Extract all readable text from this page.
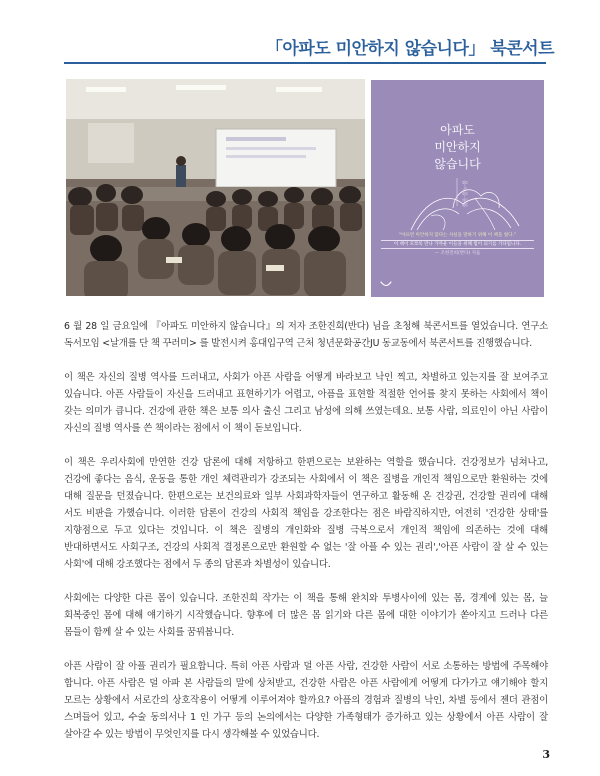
「아파도 미안하지 않습니다」 북콘서트
몸·아픔·돌봄
아파도
미안하지
않습니다
"아프면 미안하지 않다는 사실을 말하기 위해 이 책을 썼다."
이 책이 모쪼록 만나 가까운 이들을 위해 힘이 되기를 기다립니다.
— 조한진희(반다) 지음

6 월 28 일 금요일에 『아파도 미안하지 않습니다』의 저자 조한진희(반다) 님을 초청해 북콘서트를 열었습니다. 연구소 독서모임 <날개를 단 책 꾸러미> 를 발전시켜 홍대입구역 근처 청년문화공간JU 동교동에서 북콘서트를 진행했습니다.

이 책은 자신의 질병 역사를 드러내고, 사회가 아픈 사람을 어떻게 바라보고 낙인 찍고, 차별하고 있는지를 잘 보여주고 있습니다. 아픈 사람들이 자신을 드러내고 표현하기가 어렵고, 아픔을 표현할 적절한 언어를 찾지 못하는 사회에서 책이 갖는 의미가 큽니다. 건강에 관한 책은 보통 의사 출신 그리고 남성에 의해 쓰였는데요. 보통 사람, 의료인이 아닌 사람이 자신의 질병 역사를 쓴 책이라는 점에서 이 책이 돋보입니다.

이 책은 우리사회에 만연한 건강 담론에 대해 저항하고 한편으로는 보완하는 역할을 했습니다. 건강정보가 넘쳐나고, 건강에 좋다는 음식, 운동을 통한 개인 체력관리가 강조되는 사회에서 이 책은 질병을 개인적 책임으로만 환원하는 것에 대해 질문을 던졌습니다. 한편으로는 보건의료와 일부 사회과학자들이 연구하고 활동해 온 건강권, 건강할 권리에 대해 서도 비판을 가했습니다. 이러한 담론이 건강의 사회적 책임을 강조한다는 점은 바람직하지만, 여전히 '건강한 상태'를 지향점으로 두고 있다는 것입니다. 이 책은 질병의 개인화와 질병 극복으로서 개인적 책임에 의존하는 것에 대해 반대하면서도 사회구조, 건강의 사회적 결정론으로만 환원할 수 없는 '잘 아플 수 있는 권리','아픈 사람이 잘 살 수 있는 사회'에 대해 강조했다는 점에서 두 종의 담론과 차별성이 있습니다.

사회에는 다양한 다른 몸이 있습니다. 조한진희 작가는 이 책을 통해 완치와 투병사이에 있는 몸, 경계에 있는 몸, 늘 회복중인 몸에 대해 얘기하기 시작했습니다. 향후에 더 많은 몸 읽기와 다른 몸에 대한 이야기가 쏟아지고 드러나 다른 몸들이 함께 살 수 있는 사회를 꿈꿔봅니다.

아픈 사람이 잘 아플 권리가 필요합니다. 특히 아픈 사람과 덜 아픈 사람, 건강한 사람이 서로 소통하는 방법에 주목해야 합니다. 아픈 사람은 덜 아파 본 사람들의 말에 상처받고, 건강한 사람은 아픈 사람에게 어떻게 다가가고 얘기해야 할지 모르는 상황에서 서로간의 상호작용이 어떻게 이루어져야 할까요? 아픔의 경험과 질병의 낙인, 차별 등에서 젠더 관점이 스며들어 있고, 수술 동의서나 1 인 가구 등의 논의에서는 다양한 가족형태가 증가하고 있는 상황에서 아픈 사람이 잘 살아갈 수 있는 방법이 무엇인지를 다시 생각해볼 수 있었습니다.

3
